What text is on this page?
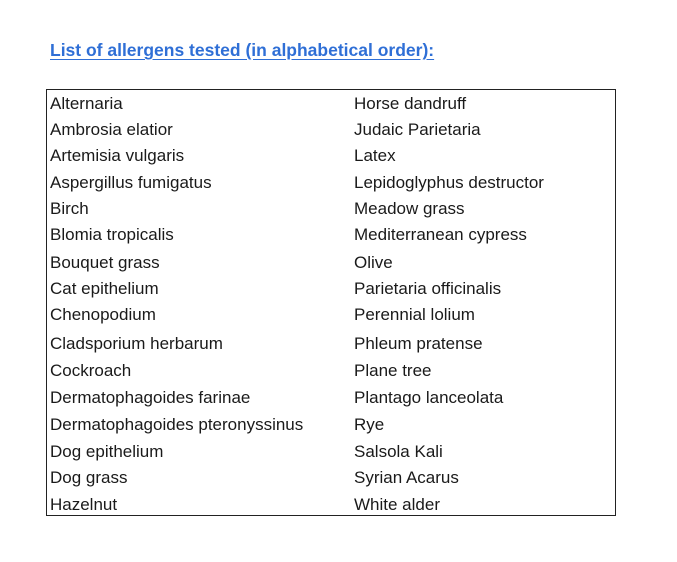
List of allergens tested (in alphabetical order):
Alternaria
Ambrosia elatior
Artemisia vulgaris
Aspergillus fumigatus
Birch
Blomia tropicalis
Bouquet grass
Cat epithelium
Chenopodium
Cladsporium herbarum
Cockroach
Dermatophagoides farinae
Dermatophagoides pteronyssinus
Dog epithelium
Dog grass
Hazelnut
Horse dandruff
Judaic Parietaria
Latex
Lepidoglyphus destructor
Meadow grass
Mediterranean cypress
Olive
Parietaria officinalis
Perennial lolium
Phleum pratense
Plane tree
Plantago lanceolata
Rye
Salsola Kali
Syrian Acarus
White alder
